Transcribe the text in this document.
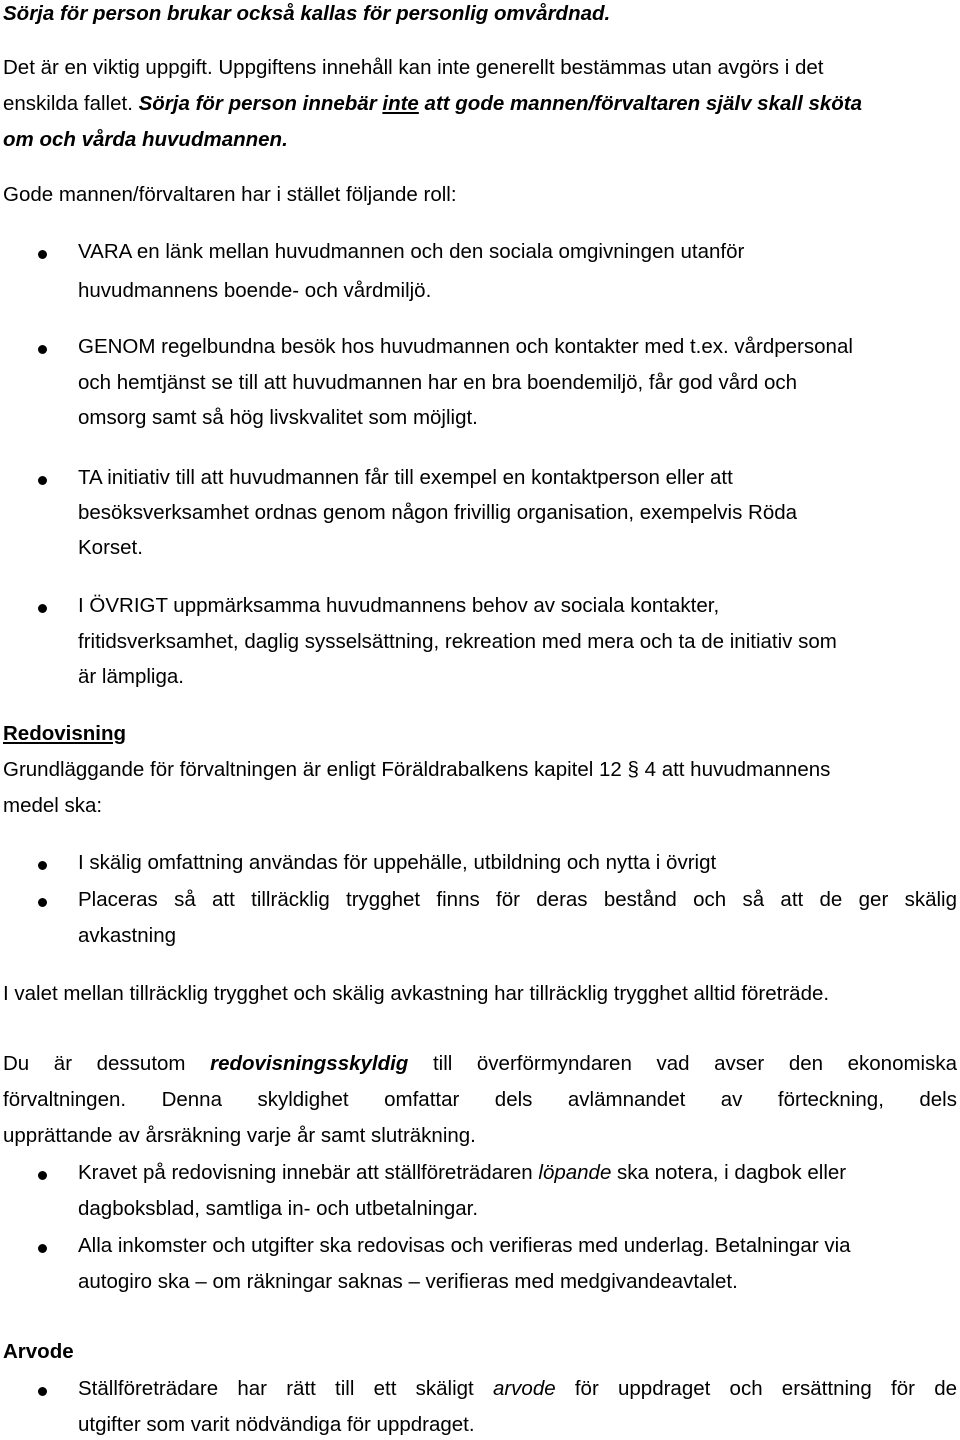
Sörja för person brukar också kallas för personlig omvårdnad.
Det är en viktig uppgift. Uppgiftens innehåll kan inte generellt bestämmas utan avgörs i det
enskilda fallet. Sörja för person innebär inte att gode mannen/förvaltaren själv skall sköta
om och vårda huvudmannen.
Gode mannen/förvaltaren har i stället följande roll:
VARA en länk mellan huvudmannen och den sociala omgivningen utanför
huvudmannens boende- och vårdmiljö.
GENOM regelbundna besök hos huvudmannen och kontakter med t.ex. vårdpersonal
och hemtjänst se till att huvudmannen har en bra boendemiljö, får god vård och
omsorg samt så hög livskvalitet som möjligt.
TA initiativ till att huvudmannen får till exempel en kontaktperson eller att
besöksverksamhet ordnas genom någon frivillig organisation, exempelvis Röda
Korset.
I ÖVRIGT uppmärksamma huvudmannens behov av sociala kontakter,
fritidsverksamhet, daglig sysselsättning, rekreation med mera och ta de initiativ som
är lämpliga.
Redovisning
Grundläggande för förvaltningen är enligt Föräldrabalkens kapitel 12 § 4 att huvudmannens
medel ska:
I skälig omfattning användas för uppehälle, utbildning och nytta i övrigt
Placeras så att tillräcklig trygghet finns för deras bestånd och så att de ger skälig
avkastning
I valet mellan tillräcklig trygghet och skälig avkastning har tillräcklig trygghet alltid företräde.
Du är dessutom redovisningsskyldig till överförmyndaren vad avser den ekonomiska
förvaltningen. Denna skyldighet omfattar dels avlämnandet av förteckning, dels
upprättande av årsräkning varje år samt sluträkning.
Kravet på redovisning innebär att ställföreträdaren löpande ska notera, i dagbok eller
dagboksblad, samtliga in- och utbetalningar.
Alla inkomster och utgifter ska redovisas och verifieras med underlag. Betalningar via
autogiro ska – om räkningar saknas – verifieras med medgivandeavtalet.
Arvode
Ställföreträdare har rätt till ett skäligt arvode för uppdraget och ersättning för de
utgifter som varit nödvändiga för uppdraget.
